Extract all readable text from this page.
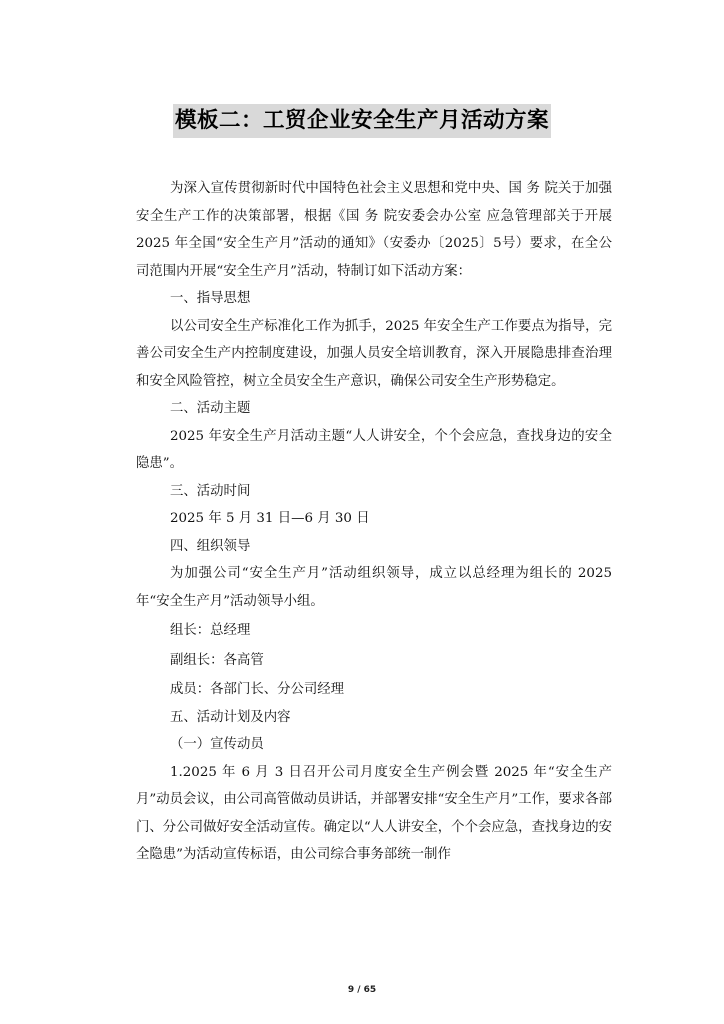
模板二：工贸企业安全生产月活动方案

为深入宣传贯彻新时代中国特色社会主义思想和党中央、国 务 院关于加强安全生产工作的决策部署，根据《国 务 院安委会办公室 应急管理部关于开展 2025 年全国“安全生产月”活动的通知》（安委办〔2025〕5号）要求，在全公司范围内开展“安全生产月”活动，特制订如下活动方案：

一、指导思想

以公司安全生产标准化工作为抓手，2025 年安全生产工作要点为指导，完善公司安全生产内控制度建设，加强人员安全培训教育，深入开展隐患排查治理和安全风险管控，树立全员安全生产意识，确保公司安全生产形势稳定。

二、活动主题

2025 年安全生产月活动主题“人人讲安全，个个会应急，查找身边的安全隐患”。

三、活动时间

2025 年 5 月 31 日—6 月 30 日

四、组织领导

为加强公司“安全生产月”活动组织领导，成立以总经理为组长的 2025 年“安全生产月”活动领导小组。

组长：总经理

副组长：各高管

成员：各部门长、分公司经理

五、活动计划及内容

（一）宣传动员

1.2025 年 6 月 3 日召开公司月度安全生产例会暨 2025 年“安全生产月”动员会议，由公司高管做动员讲话，并部署安排“安全生产月”工作，要求各部门、分公司做好安全活动宣传。确定以“人人讲安全，个个会应急，查找身边的安全隐患”为活动宣传标语，由公司综合事务部统一制作

9 / 65
